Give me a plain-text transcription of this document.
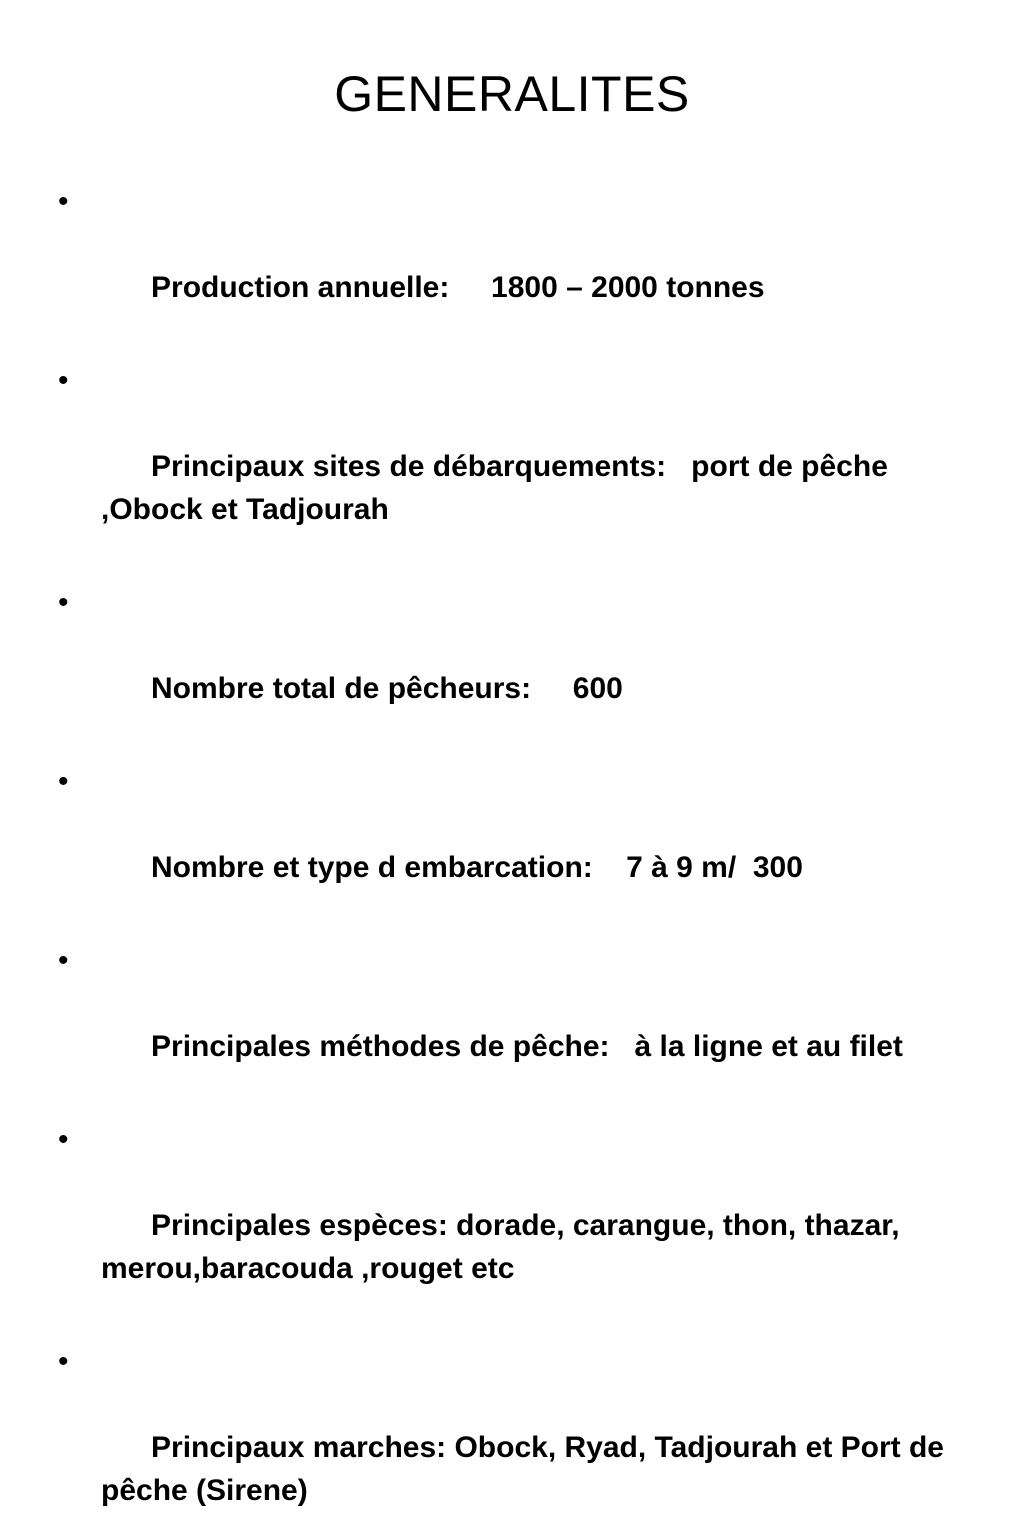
GENERALITES

•

Production annuelle:     1800 – 2000 tonnes

•

Principaux sites de débarquements:   port de pêche ,Obock et Tadjourah

•

Nombre total de pêcheurs:     600

•

Nombre et type d embarcation:    7 à 9 m/  300

•

Principales méthodes de pêche:   à la ligne et au filet

•

Principales espèces: dorade, carangue, thon, thazar, merou,baracouda ,rouget etc

•

Principaux marches: Obock, Ryad, Tadjourah et Port de pêche (Sirene)
